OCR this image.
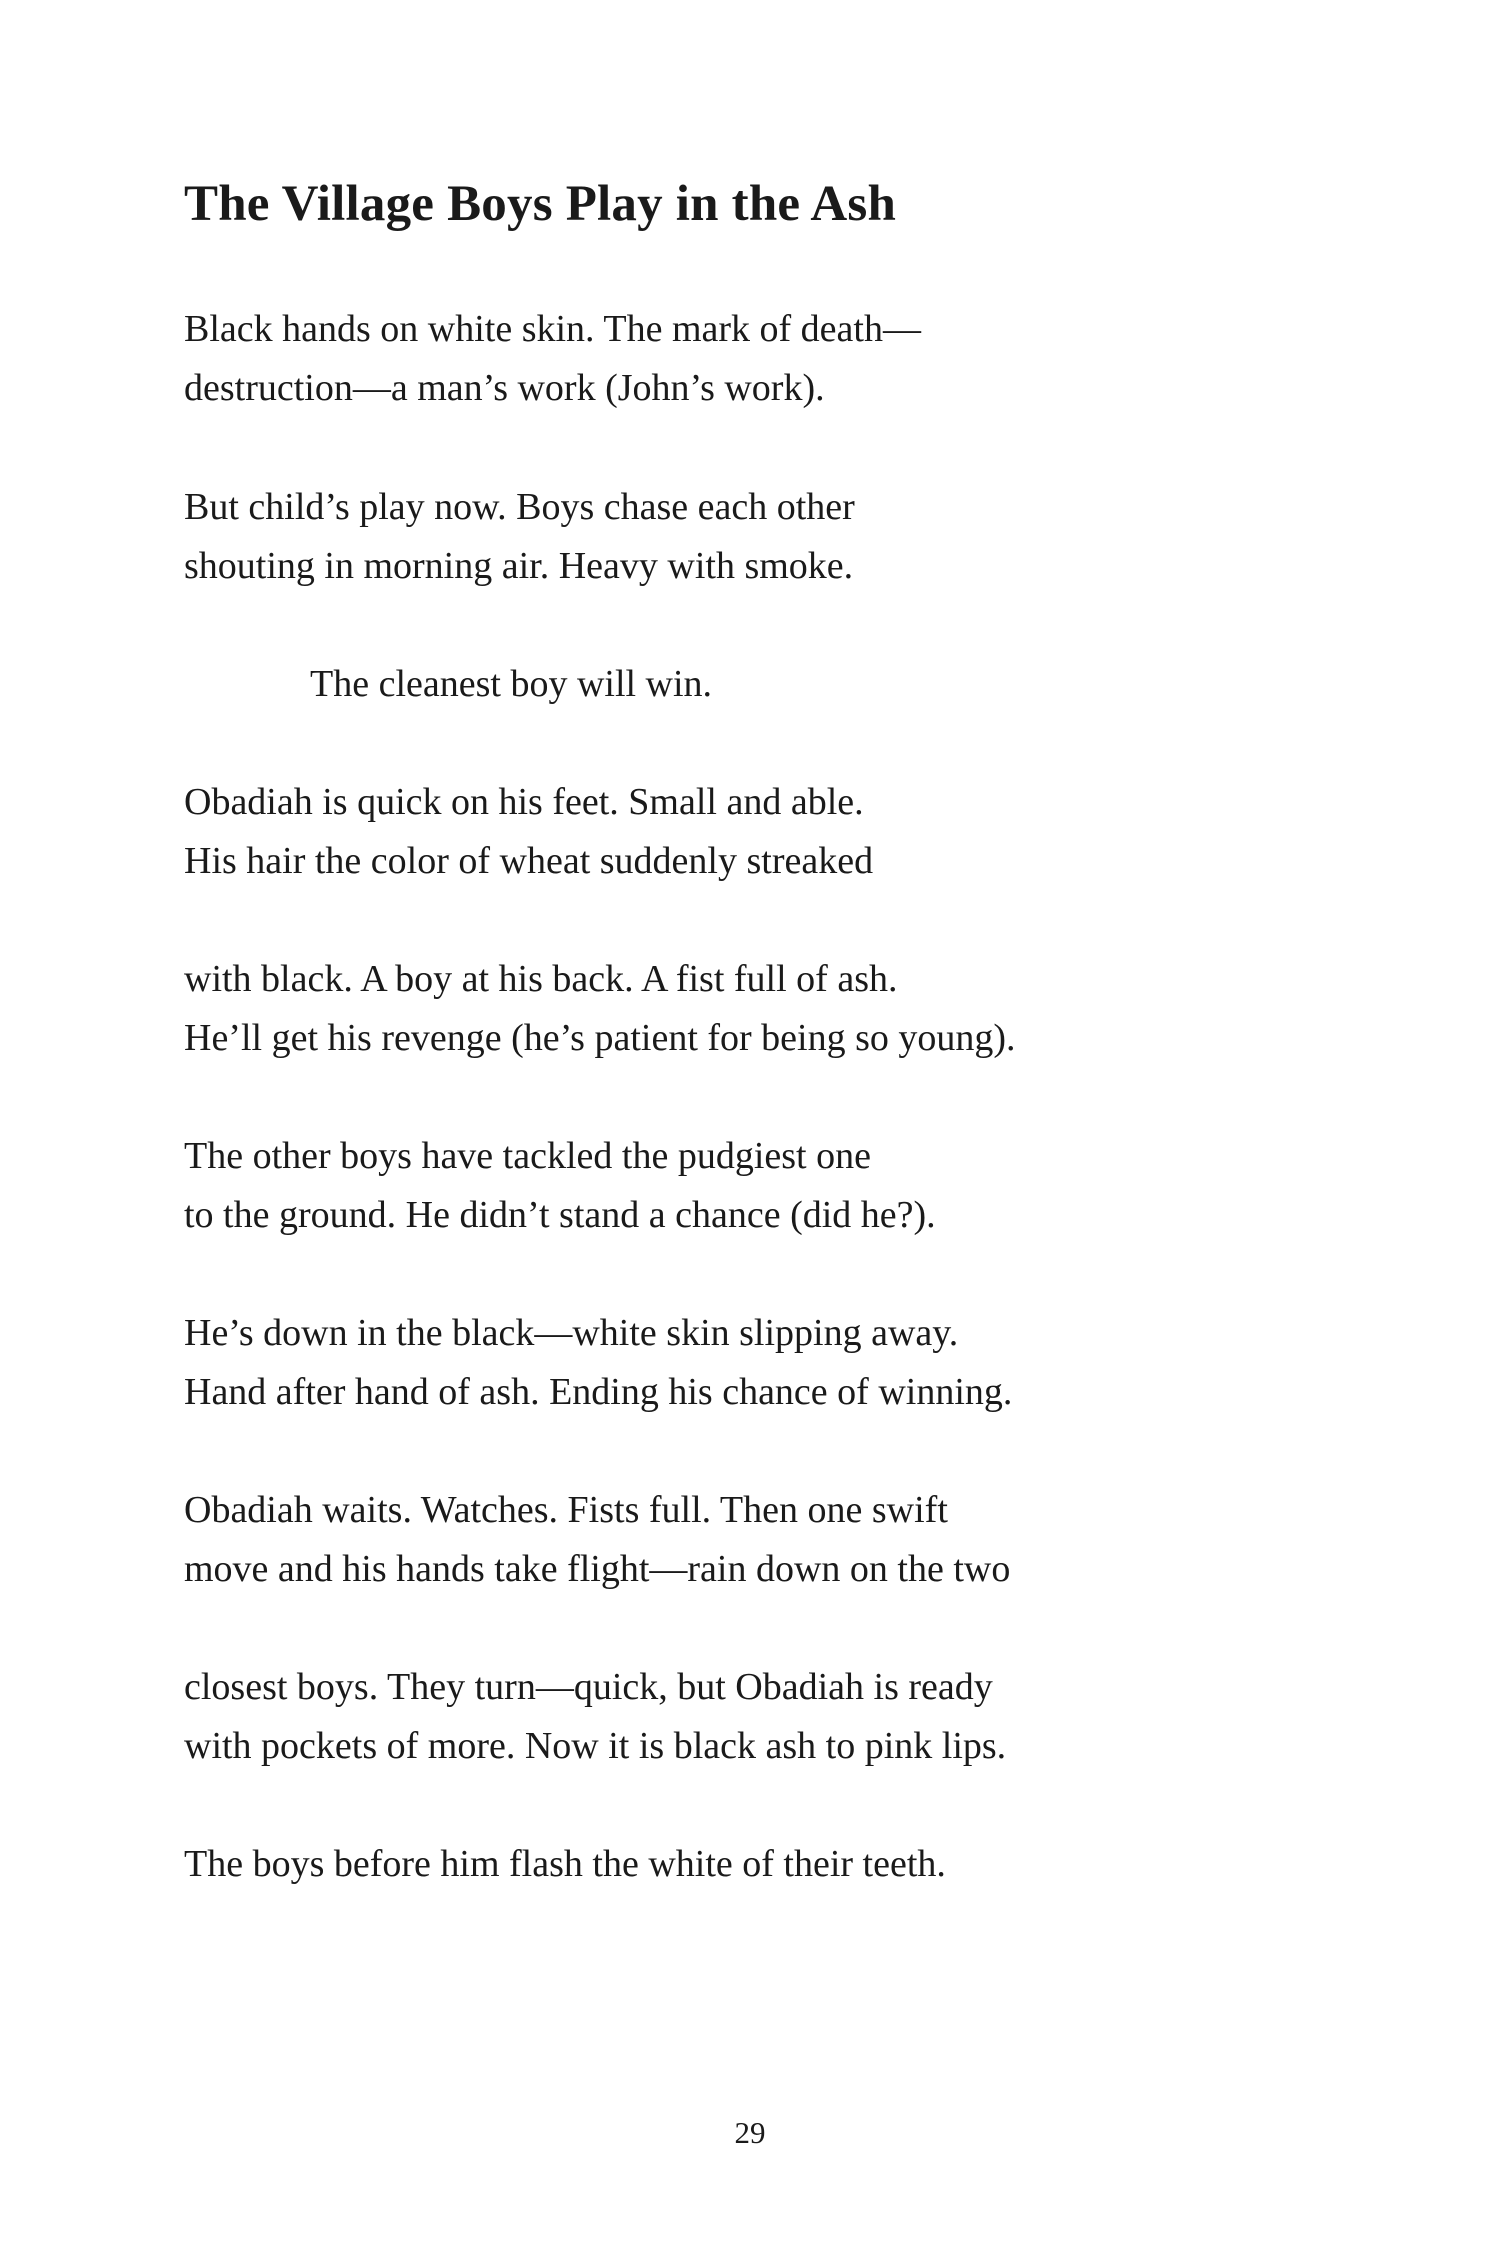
The Village Boys Play in the Ash

Black hands on white skin. The mark of death—

destruction—a man’s work (John’s work).

But child’s play now. Boys chase each other

shouting in morning air. Heavy with smoke.

The cleanest boy will win.

Obadiah is quick on his feet. Small and able.

His hair the color of wheat suddenly streaked

with black. A boy at his back. A fist full of ash.

He’ll get his revenge (he’s patient for being so young).

The other boys have tackled the pudgiest one

to the ground. He didn’t stand a chance (did he?).

He’s down in the black—white skin slipping away.

Hand after hand of ash. Ending his chance of winning.

Obadiah waits. Watches. Fists full. Then one swift

move and his hands take flight—rain down on the two

closest boys. They turn—quick, but Obadiah is ready

with pockets of more. Now it is black ash to pink lips.

The boys before him flash the white of their teeth.

29
